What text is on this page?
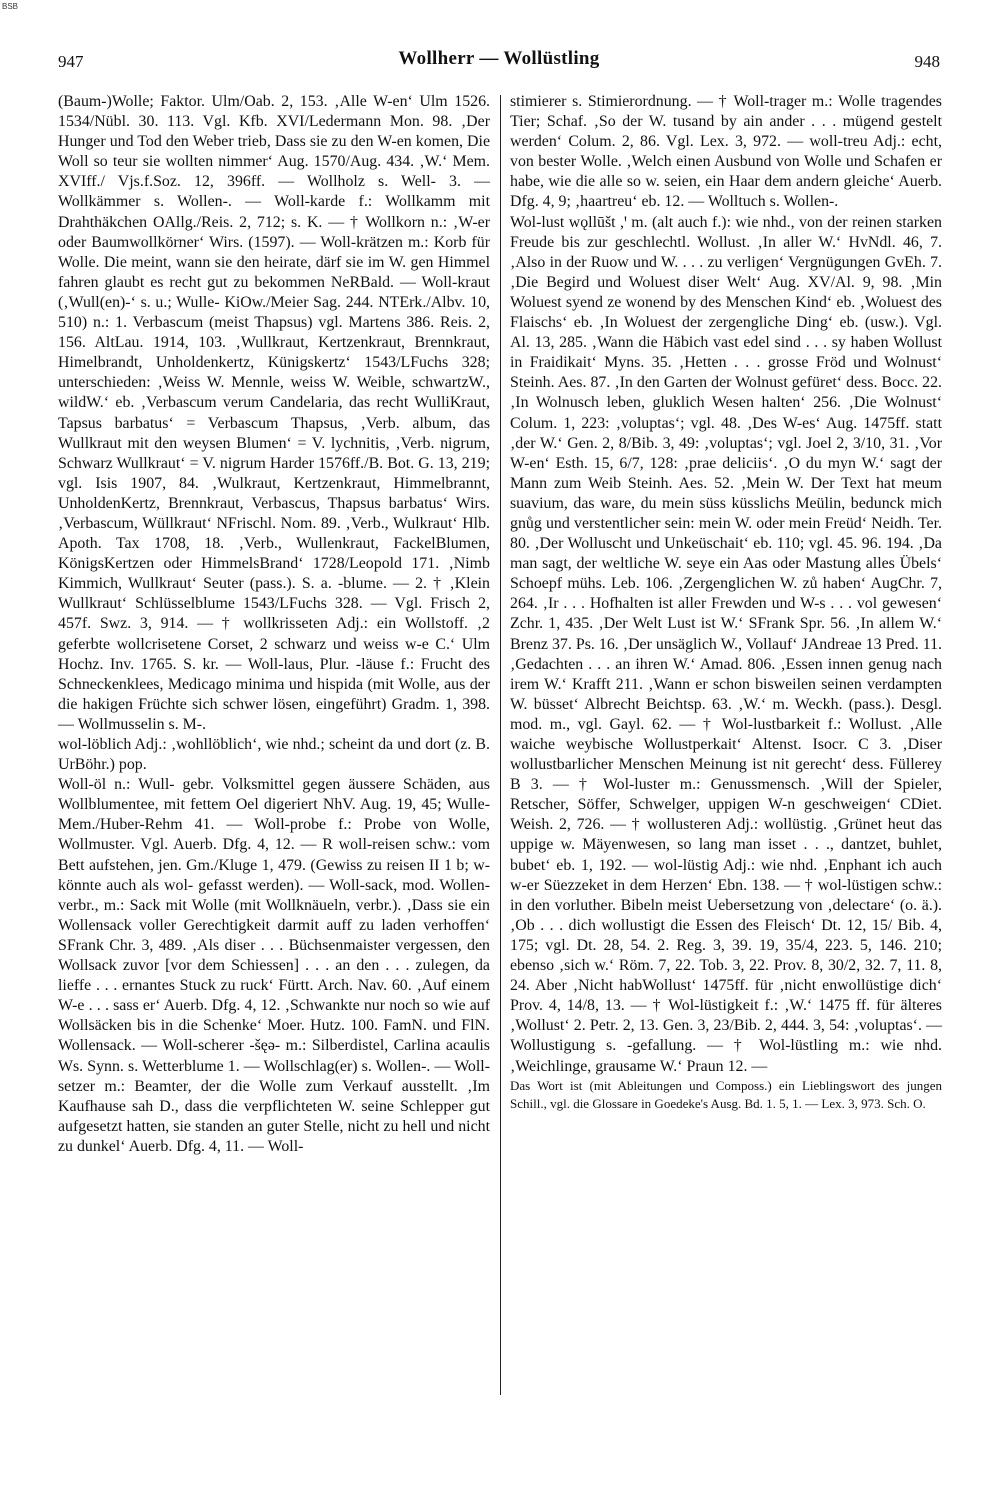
BSB
947	Wollherr — Wollüstling	948

(Baum-)Wolle; Faktor. Ulm/Oab. 2, 153. ‚Alle W-en‘ Ulm 1526. 1534/Nübl. 30. 113. Vgl. Kfb. XVI/Ledermann Mon. 98. ‚Der Hunger und Tod den Weber trieb, Dass sie zu den W-en komen, Die Woll so teur sie wollten nimmer‘ Aug. 1570/Aug. 434. ‚W.‘ Mem. XVIff./ Vjs.f.Soz. 12, 396ff. — Wollholz s. Well- 3. — Wollkämmer s. Wollen-. — Woll-karde f.: Wollkamm mit Drahthäkchen OAllg./Reis. 2, 712; s. K. — † Wollkorn n.: ‚W-er oder Baumwollkörner‘ Wirs. (1597). — Woll-krätzen m.: Korb für Wolle. Die meint, wann sie den heirate, därf sie im W. gen Himmel fahren glaubt es recht gut zu bekommen NeRBald. — Woll-kraut (‚Wull(en)-‘ s. u.; Wulle- KiOw./Meier Sag. 244. NTErk./Albv. 10, 510) n.: 1. Verbascum (meist Thapsus) vgl. Martens 386. Reis. 2, 156. AltLau. 1914, 103. ‚Wullkraut, Kertzenkraut, Brennkraut, Himelbrandt, Unholdenkertz, Künigskertz‘ 1543/LFuchs 328; unterschieden: ‚Weiss W. Mennle, weiss W. Weible, schwartzW., wildW.‘ eb. ‚Verbascum verum Candelaria, das recht WulliKraut, Tapsus barbatus‘ = Verbascum Thapsus, ‚Verb. album, das Wullkraut mit den weysen Blumen‘ = V. lychnitis, ‚Verb. nigrum, Schwarz Wullkraut‘ = V. nigrum Harder 1576ff./B. Bot. G. 13, 219; vgl. Isis 1907, 84. ‚Wulkraut, Kertzenkraut, Himmelbrannt, UnholdenKertz, Brennkraut, Verbascus, Thapsus barbatus‘ Wirs. ‚Verbascum, Wüllkraut‘ NFrischl. Nom. 89. ‚Verb., Wulkraut‘ Hlb. Apoth. Tax 1708, 18. ‚Verb., Wullenkraut, FackelBlumen, KönigsKertzen oder HimmelsBrand‘ 1728/Leopold 171. ‚Nimb Kimmich, Wullkraut‘ Seuter (pass.). S. a. -blume. — 2. † ‚Klein Wullkraut‘ Schlüsselblume 1543/LFuchs 328. — Vgl. Frisch 2, 457f. Swz. 3, 914. — † wollkrisseten Adj.: ein Wollstoff. ‚2 geferbte wollcrisetene Corset, 2 schwarz und weiss w-e C.‘ Ulm Hochz. Inv. 1765. S. kr. — Woll-laus, Plur. -läuse f.: Frucht des Schneckenklees, Medicago minima und hispida (mit Wolle, aus der die hakigen Früchte sich schwer lösen, eingeführt) Gradm. 1, 398. — Wollmusselin s. M-.

wol-löblich Adj.: ‚wohllöblich‘, wie nhd.; scheint da und dort (z. B. UrBöhr.) pop.

Woll-öl n.: Wull- gebr. Volksmittel gegen äussere Schäden, aus Wollblumentee, mit fettem Oel digeriert NhV. Aug. 19, 45; Wulle- Mem./Huber-Rehm 41. — Woll-probe f.: Probe von Wolle, Wollmuster. Vgl. Auerb. Dfg. 4, 12. — R woll-reisen schw.: vom Bett aufstehen, jen. Gm./Kluge 1, 479. (Gewiss zu reisen II 1 b; w- könnte auch als wol- gefasst werden). — Woll-sack, mod. Wollen- verbr., m.: Sack mit Wolle (mit Wollknäueln, verbr.). ‚Dass sie ein Wollensack voller Gerechtigkeit darmit auff zu laden verhoffen‘ SFrank Chr. 3, 489. ‚Als diser . . . Büchsenmaister vergessen, den Wollsack zuvor [vor dem Schiessen] . . . an den . . . zulegen, da lieffe . . . ernantes Stuck zu ruck‘ Fürtt. Arch. Nav. 60. ‚Auf einem W-e . . . sass er‘ Auerb. Dfg. 4, 12. ‚Schwankte nur noch so wie auf Wollsäcken bis in die Schenke‘ Moer. Hutz. 100. FamN. und FlN. Wollensack. — Woll-scherer -šęǝ- m.: Silberdistel, Carlina acaulis Ws. Synn. s. Wetterblume 1. — Wollschlag(er) s. Wollen-. — Woll-setzer m.: Beamter, der die Wolle zum Verkauf ausstellt. ‚Im Kaufhause sah D., dass die verpflichteten W. seine Schlepper gut aufgesetzt hatten, sie standen an guter Stelle, nicht zu hell und nicht zu dunkel‘ Auerb. Dfg. 4, 11. — Woll-

stimierer s. Stimierordnung. — † Woll-trager m.: Wolle tragendes Tier; Schaf. ‚So der W. tusand by ain ander . . . mügend gestelt werden‘ Colum. 2, 86. Vgl. Lex. 3, 972. — woll-treu Adj.: echt, von bester Wolle. ‚Welch einen Ausbund von Wolle und Schafen er habe, wie die alle so w. seien, ein Haar dem andern gleiche‘ Auerb. Dfg. 4, 9; ‚haartreu‘ eb. 12. — Wolltuch s. Wollen-.

Wol-lust wǫllūšt ,ꞌ m. (alt auch f.): wie nhd., von der reinen starken Freude bis zur geschlechtl. Wollust. ‚In aller W.‘ HvNdl. 46, 7. ‚Also in der Ruow und W. . . . zu verligen‘ Vergnügungen GvEh. 7. ‚Die Begird und Woluest diser Welt‘ Aug. XV/Al. 9, 98. ‚Min Woluest syend ze wonend by des Menschen Kind‘ eb. ‚Woluest des Flaischs‘ eb. ‚In Woluest der zergengliche Ding‘ eb. (usw.). Vgl. Al. 13, 285. ‚Wann die Häbich vast edel sind . . . sy haben Wollust in Fraidikait‘ Myns. 35. ‚Hetten . . . grosse Fröd und Wolnust‘ Steinh. Aes. 87. ‚In den Garten der Wolnust gefüret‘ dess. Bocc. 22. ‚In Wolnusch leben, gluklich Wesen halten‘ 256. ‚Die Wolnust‘ Colum. 1, 223: ‚voluptas‘; vgl. 48. ‚Des W-es‘ Aug. 1475ff. statt ‚der W.‘ Gen. 2, 8/Bib. 3, 49: ‚voluptas‘; vgl. Joel 2, 3/10, 31. ‚Vor W-en‘ Esth. 15, 6/7, 128: ‚prae deliciis‘. ‚O du myn W.‘ sagt der Mann zum Weib Steinh. Aes. 52. ‚Mein W. Der Text hat meum suavium, das ware, du mein süss küsslichs Meülin, bedunck mich gnůg und verstentlicher sein: mein W. oder mein Freüd‘ Neidh. Ter. 80. ‚Der Wolluscht und Unkeüschait‘ eb. 110; vgl. 45. 96. 194. ‚Da man sagt, der weltliche W. seye ein Aas oder Mastung alles Übels‘ Schoepf mühs. Leb. 106. ‚Zergenglichen W. zů haben‘ AugChr. 7, 264. ‚Ir . . . Hofhalten ist aller Frewden und W-s . . . vol gewesen‘ Zchr. 1, 435. ‚Der Welt Lust ist W.‘ SFrank Spr. 56. ‚In allem W.‘ Brenz 37. Ps. 16. ‚Der unsäglich W., Vollauf‘ JAndreae 13 Pred. 11. ‚Gedachten . . . an ihren W.‘ Amad. 806. ‚Essen innen genug nach irem W.‘ Krafft 211. ‚Wann er schon bisweilen seinen verdampten W. büsset‘ Albrecht Beichtsp. 63. ‚W.‘ m. Weckh. (pass.). Desgl. mod. m., vgl. Gayl. 62. — † Wol-lustbarkeit f.: Wollust. ‚Alle waiche weybische Wollustperkait‘ Altenst. Isocr. C 3. ‚Diser wollustbarlicher Menschen Meinung ist nit gerecht‘ dess. Füllerey B 3. — † Wol-luster m.: Genussmensch. ‚Will der Spieler, Retscher, Söffer, Schwelger, uppigen W-n geschweigen‘ CDiet. Weish. 2, 726. — † wollusteren Adj.: wollüstig. ‚Grünet heut das uppige w. Mäyenwesen, so lang man isset . . ., dantzet, buhlet, bubet‘ eb. 1, 192. — wol-lüstig Adj.: wie nhd. ‚Enphant ich auch w-er Süezzeket in dem Herzen‘ Ebn. 138. — † wol-lüstigen schw.: in den vorluther. Bibeln meist Uebersetzung von ‚delectare‘ (o. ä.). ‚Ob . . . dich wollustigt die Essen des Fleisch‘ Dt. 12, 15/ Bib. 4, 175; vgl. Dt. 28, 54. 2. Reg. 3, 39. 19, 35/4, 223. 5, 146. 210; ebenso ‚sich w.‘ Röm. 7, 22. Tob. 3, 22. Prov. 8, 30/2, 32. 7, 11. 8, 24. Aber ‚Nicht habWollust‘ 1475ff. für ‚nicht enwollüstige dich‘ Prov. 4, 14/8, 13. — † Wol-lüstigkeit f.: ‚W.‘ 1475 ff. für älteres ‚Wollust‘ 2. Petr. 2, 13. Gen. 3, 23/Bib. 2, 444. 3, 54: ‚voluptas‘. — Wollustigung s. -gefallung. — † Wol-lüstling m.: wie nhd. ‚Weichlinge, grausame W.‘ Praun 12. —

Das Wort ist (mit Ableitungen und Composs.) ein Lieblingswort des jungen Schill., vgl. die Glossare in Goedeke's Ausg. Bd. 1. 5, 1. — Lex. 3, 973. Sch. O.
